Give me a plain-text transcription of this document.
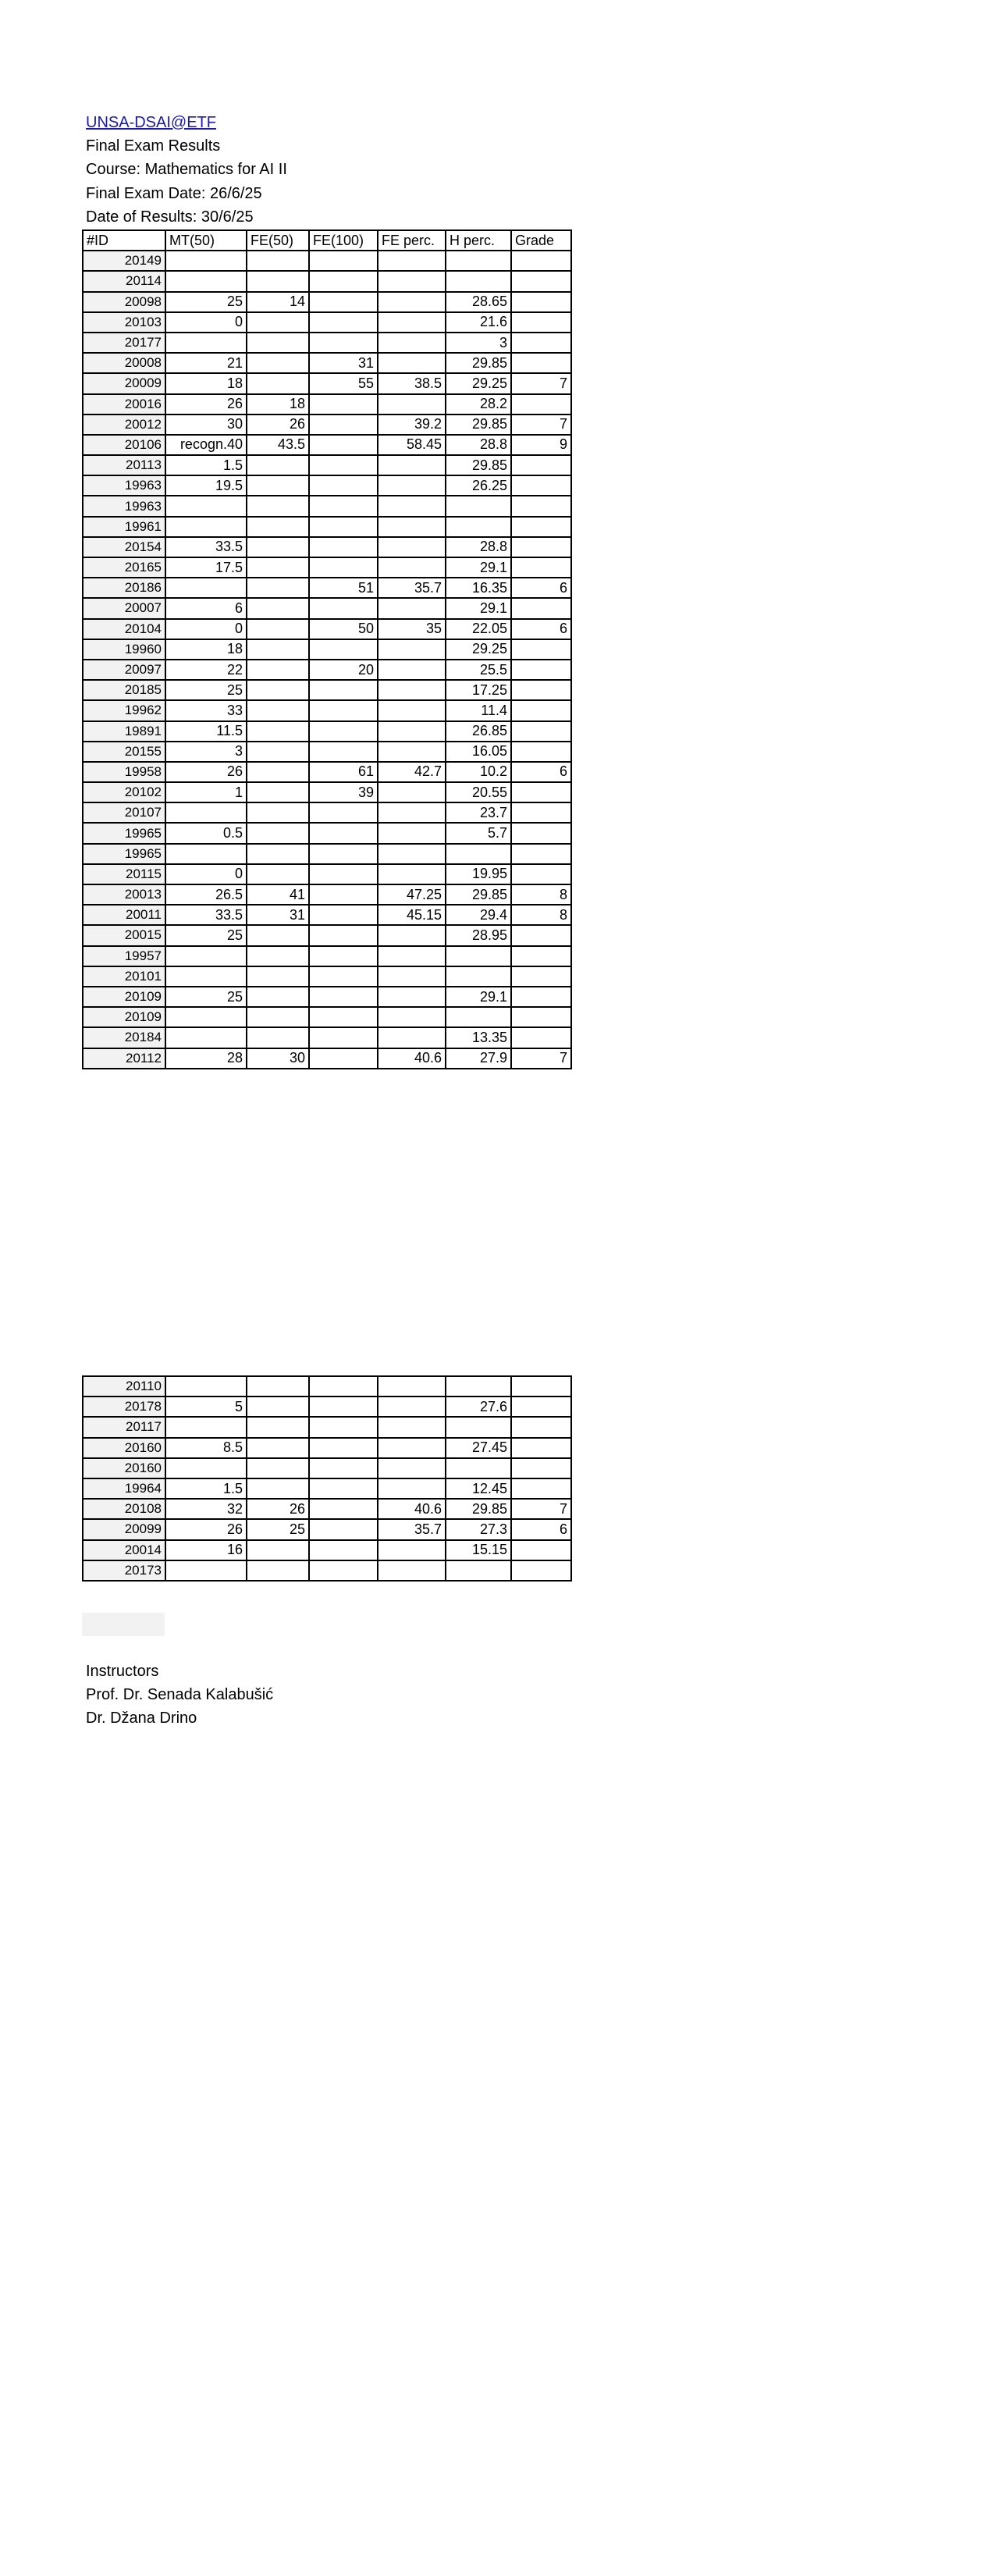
UNSA-DSAI@ETF
Final Exam Results
Course: Mathematics for AI II
Final Exam Date: 26/6/25
Date of Results: 30/6/25
#ID	MT(50)	FE(50)	FE(100)	FE perc.	H perc.	Grade
20149						
20114						
20098	25	14			28.65	
20103	0				21.6	
20177					3	
20008	21		31		29.85	
20009	18		55	38.5	29.25	7
20016	26	18			28.2	
20012	30	26		39.2	29.85	7
20106	recogn.40	43.5		58.45	28.8	9
20113	1.5				29.85	
19963	19.5				26.25	
19963						
19961						
20154	33.5				28.8	
20165	17.5				29.1	
20186			51	35.7	16.35	6
20007	6				29.1	
20104	0		50	35	22.05	6
19960	18				29.25	
20097	22		20		25.5	
20185	25				17.25	
19962	33				11.4	
19891	11.5				26.85	
20155	3				16.05	
19958	26		61	42.7	10.2	6
20102	1		39		20.55	
20107					23.7	
19965	0.5				5.7	
19965						
20115	0				19.95	
20013	26.5	41		47.25	29.85	8
20011	33.5	31		45.15	29.4	8
20015	25				28.95	
19957						
20101						
20109	25				29.1	
20109						
20184					13.35	
20112	28	30		40.6	27.9	7
20110						
20178	5				27.6	
20117						
20160	8.5				27.45	
20160						
19964	1.5				12.45	
20108	32	26		40.6	29.85	7
20099	26	25		35.7	27.3	6
20014	16				15.15	
20173						
Instructors
Prof. Dr. Senada Kalabušić
Dr. Džana Drino
